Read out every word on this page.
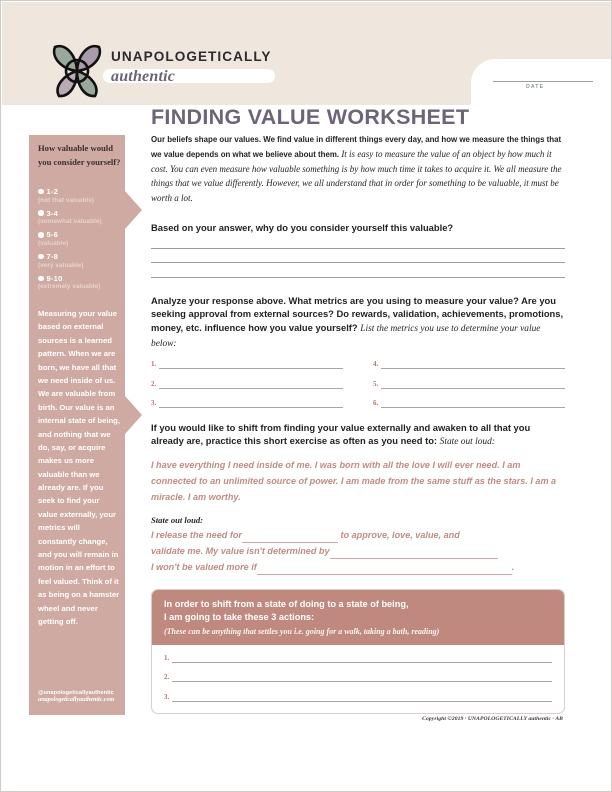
DATE
UNAPOLOGETICALLY
authentic
FINDING VALUE WORKSHEET
How valuable would you consider yourself?
1-2
(not that valuable)
3-4
(somewhat valuable)
5-6
(valuable)
7-8
(very valuable)
9-10
(extremely valuable)
Measuring your value based on external sources is a learned pattern. When we are born, we have all that we need inside of us. We are valuable from birth. Our value is an internal state of being, and nothing that we do, say, or acquire makes us more valuable than we already are. If you seek to find your value externally, your metrics will constantly change, and you will remain in motion in an effort to feel valued. Think of it as being on a hamster wheel and never getting off.
@unapologeticallyauthentic
unapologeticallyauthentic.com

Our beliefs shape our values. We find value in different things every day, and how we measure the things that we value depends on what we believe about them. It is easy to measure the value of an object by how much it cost. You can even measure how valuable something is by how much time it takes to acquire it. We all measure the things that we value differently. However, we all understand that in order for something to be valuable, it must be worth a lot.

Based on your answer, why do you consider yourself this valuable?
Analyze your response above. What metrics are you using to measure your value? Are you seeking approval from external sources? Do rewards, validation, achievements, promotions, money, etc. influence how you value yourself? List the metrics you use to determine your value below:
1.
2.
3.
4.
5.
6.
If you would like to shift from finding your value externally and awaken to all that you already are, practice this short exercise as often as you need to: State out loud:
I have everything I need inside of me. I was born with all the love I will ever need. I am connected to an unlimited source of power. I am made from the same stuff as the stars. I am a miracle. I am worthy.
State out loud:
I release the need for	to approve, love, value, and
validate me. My value isn't determined by
I won't be valued more if	.
In order to shift from a state of doing to a state of being,
I am going to take these 3 actions:
(These can be anything that settles you i.e. going for a walk, taking a bath, reading)
1.
2.
3.
Copyright ©2019 · UNAPOLOGETICALLY authentic · AB
